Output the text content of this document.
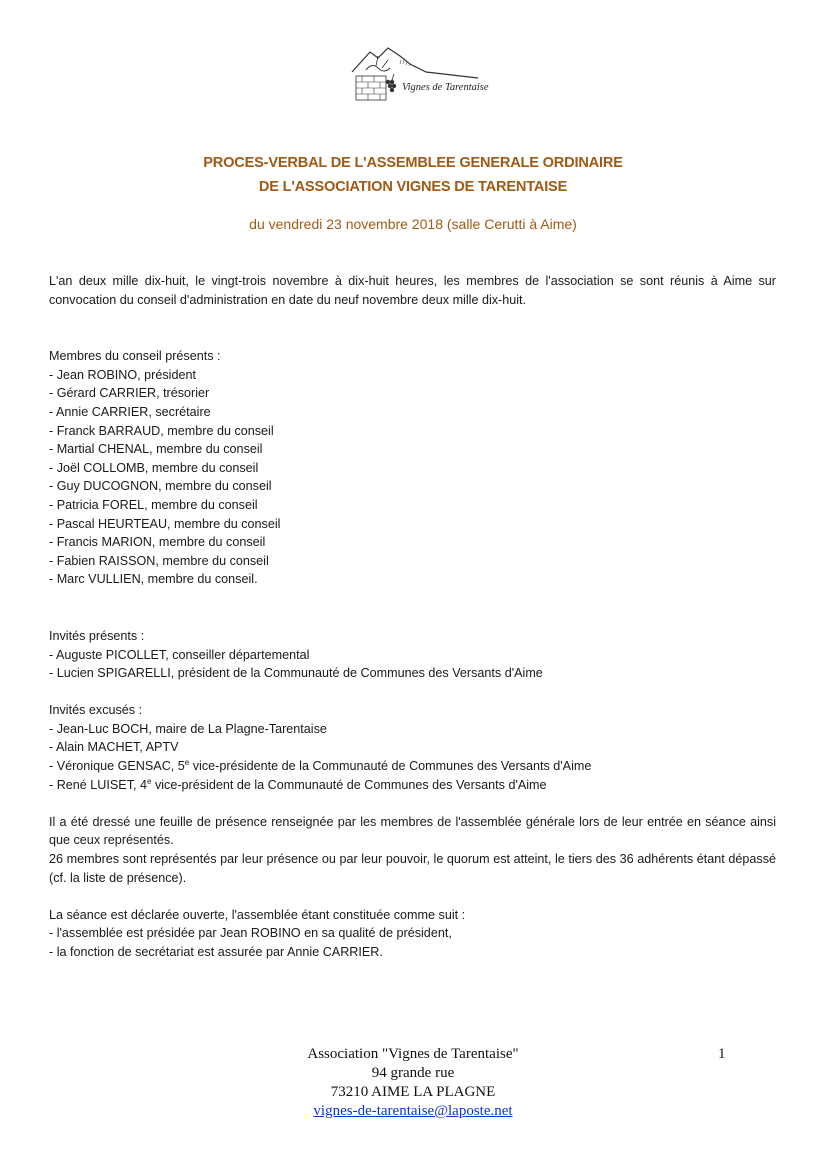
Vignes de Tarentaise
PROCES-VERBAL DE L'ASSEMBLEE GENERALE ORDINAIRE
DE L'ASSOCIATION VIGNES DE TARENTAISE
du vendredi 23 novembre 2018 (salle Cerutti à Aime)

L'an deux mille dix-huit, le vingt-trois novembre à dix-huit heures, les membres de l'association se sont réunis à Aime sur convocation du conseil d'administration en date du neuf novembre deux mille dix-huit.

Membres du conseil présents :

- Jean ROBINO, président
- Gérard CARRIER, trésorier
- Annie CARRIER, secrétaire
- Franck BARRAUD, membre du conseil
- Martial CHENAL, membre du conseil
- Joël COLLOMB, membre du conseil
- Guy DUCOGNON, membre du conseil
- Patricia FOREL, membre du conseil
- Pascal HEURTEAU, membre du conseil
- Francis MARION, membre du conseil
- Fabien RAISSON, membre du conseil
- Marc VULLIEN, membre du conseil.

Invités présents :

- Auguste PICOLLET, conseiller départemental
- Lucien SPIGARELLI, président de la Communauté de Communes des Versants d'Aime

Invités excusés :

- Jean-Luc BOCH, maire de La Plagne-Tarentaise
- Alain MACHET, APTV
- Véronique GENSAC, 5e vice-présidente de la Communauté de Communes des Versants d'Aime
- René LUISET, 4e vice-président de la Communauté de Communes des Versants d'Aime

Il a été dressé une feuille de présence renseignée par les membres de l'assemblée générale lors de leur entrée en séance ainsi que ceux représentés.

26 membres sont représentés par leur présence ou par leur pouvoir, le quorum est atteint, le tiers des 36 adhérents étant dépassé (cf. la liste de présence).

La séance est déclarée ouverte, l'assemblée étant constituée comme suit :

- l'assemblée est présidée par Jean ROBINO en sa qualité de président,
- la fonction de secrétariat est assurée par Annie CARRIER.
Association "Vignes de Tarentaise"
94 grande rue
73210 AIME LA PLAGNE
vignes-de-tarentaise@laposte.net
1
